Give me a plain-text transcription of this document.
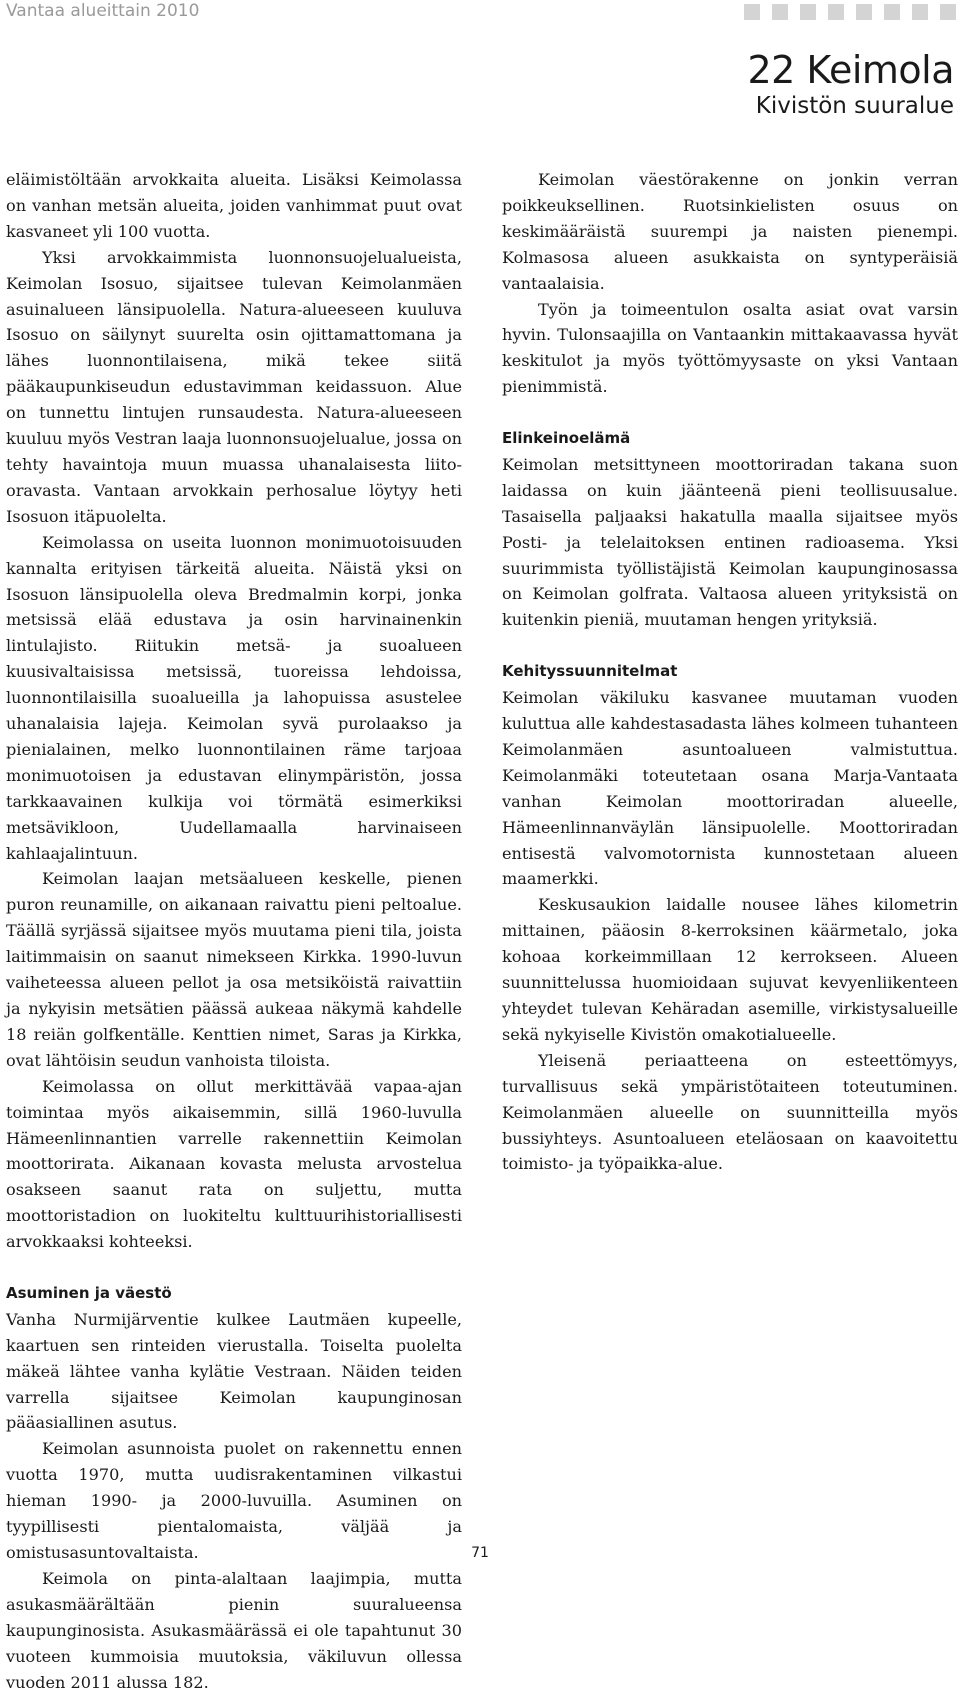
Vantaa alueittain 2010
22 Keimola
Kivistön suuralue

eläimistöltään arvokkaita alueita. Lisäksi Keimolassa on vanhan metsän alueita, joiden vanhimmat puut ovat kasvaneet yli 100 vuotta.

Yksi arvokkaimmista luonnonsuojelualueista, Keimolan Isosuo, sijaitsee tulevan Keimolanmäen asuinalueen länsipuolella. Natura-alueeseen kuuluva Isosuo on säilynyt suurelta osin ojittamattomana ja lähes luonnontilaisena, mikä tekee siitä pääkaupunkiseudun edustavimman keidassuon. Alue on tunnettu lintujen runsaudesta. Natura-alueeseen kuuluu myös Vestran laaja luonnonsuojelualue, jossa on tehty havaintoja muun muassa uhanalaisesta liito-oravasta. Vantaan arvokkain perhosalue löytyy heti Isosuon itäpuolelta.

Keimolassa on useita luonnon monimuotoisuuden kannalta erityisen tärkeitä alueita. Näistä yksi on Isosuon länsipuolella oleva Bredmalmin korpi, jonka metsissä elää edustava ja osin harvinainenkin lintulajisto. Riitukin metsä- ja suoalueen kuusivaltaisissa metsissä, tuoreissa lehdoissa, luonnontilaisilla suoalueilla ja lahopuissa asustelee uhanalaisia lajeja. Keimolan syvä purolaakso ja pienialainen, melko luonnontilainen räme tarjoaa monimuotoisen ja edustavan elinympäristön, jossa tarkkaavainen kulkija voi törmätä esimerkiksi metsävikloon, Uudellamaalla harvinaiseen kahlaajalintuun.

Keimolan laajan metsäalueen keskelle, pienen puron reunamille, on aikanaan raivattu pieni peltoalue. Täällä syrjässä sijaitsee myös muutama pieni tila, joista laitimmaisin on saanut nimekseen Kirkka. 1990-luvun vaiheteessa alueen pellot ja osa metsiköistä raivattiin ja nykyisin metsätien päässä aukeaa näkymä kahdelle 18 reiän golfkentälle. Kenttien nimet, Saras ja Kirkka, ovat lähtöisin seudun vanhoista tiloista.

Keimolassa on ollut merkittävää vapaa-ajan toimintaa myös aikaisemmin, sillä 1960-luvulla Hämeenlinnantien varrelle rakennettiin Keimolan moottorirata. Aikanaan kovasta melusta arvostelua osakseen saanut rata on suljettu, mutta moottoristadion on luokiteltu kulttuurihistoriallisesti arvokkaaksi kohteeksi.

Asuminen ja väestö

Vanha Nurmijärventie kulkee Lautmäen kupeelle, kaartuen sen rinteiden vierustalla. Toiselta puolelta mäkeä lähtee vanha kylätie Vestraan. Näiden teiden varrella sijaitsee Keimolan kaupunginosan pääasiallinen asutus.

Keimolan asunnoista puolet on rakennettu ennen vuotta 1970, mutta uudisrakentaminen vilkastui hieman 1990- ja 2000-luvuilla. Asuminen on tyypillisesti pientalomaista, väljää ja omistusasuntovaltaista.

Keimola on pinta-alaltaan laajimpia, mutta asukasmäärältään pienin suuralueensa kaupunginosista. Asukasmäärässä ei ole tapahtunut 30 vuoteen kummoisia muutoksia, väkiluvun ollessa vuoden 2011 alussa 182.

Keimolan väestörakenne on jonkin verran poikkeuksellinen. Ruotsinkielisten osuus on keskimääräistä suurempi ja naisten pienempi. Kolmasosa alueen asukkaista on syntyperäisiä vantaalaisia.

Työn ja toimeentulon osalta asiat ovat varsin hyvin. Tulonsaajilla on Vantaankin mittakaavassa hyvät keskitulot ja myös työttömyysaste on yksi Vantaan pienimmistä.

Elinkeinoelämä

Keimolan metsittyneen moottoriradan takana suon laidassa on kuin jäänteenä pieni teollisuusalue. Tasaisella paljaaksi hakatulla maalla sijaitsee myös Posti- ja telelaitoksen entinen radioasema. Yksi suurimmista työllistäjistä Keimolan kaupunginosassa on Keimolan golfrata. Valtaosa alueen yrityksistä on kuitenkin pieniä, muutaman hengen yrityksiä.

Kehityssuunnitelmat

Keimolan väkiluku kasvanee muutaman vuoden kuluttua alle kahdestasadasta lähes kolmeen tuhanteen Keimolanmäen asuntoalueen valmistuttua. Keimolanmäki toteutetaan osana Marja-Vantaata vanhan Keimolan moottoriradan alueelle, Hämeenlinnanväylän länsipuolelle. Moottoriradan entisestä valvomotornista kunnostetaan alueen maamerkki.

Keskusaukion laidalle nousee lähes kilometrin mittainen, pääosin 8-kerroksinen käärmetalo, joka kohoaa korkeimmillaan 12 kerrokseen. Alueen suunnittelussa huomioidaan sujuvat kevyenliikenteen yhteydet tulevan Kehäradan asemille, virkistysalueille sekä nykyiselle Kivistön omakotialueelle.

Yleisenä periaatteena on esteettömyys, turvallisuus sekä ympäristötaiteen toteutuminen. Keimolanmäen alueelle on suunnitteilla myös bussiyhteys. Asuntoalueen eteläosaan on kaavoitettu toimisto- ja työpaikka-alue.

71
